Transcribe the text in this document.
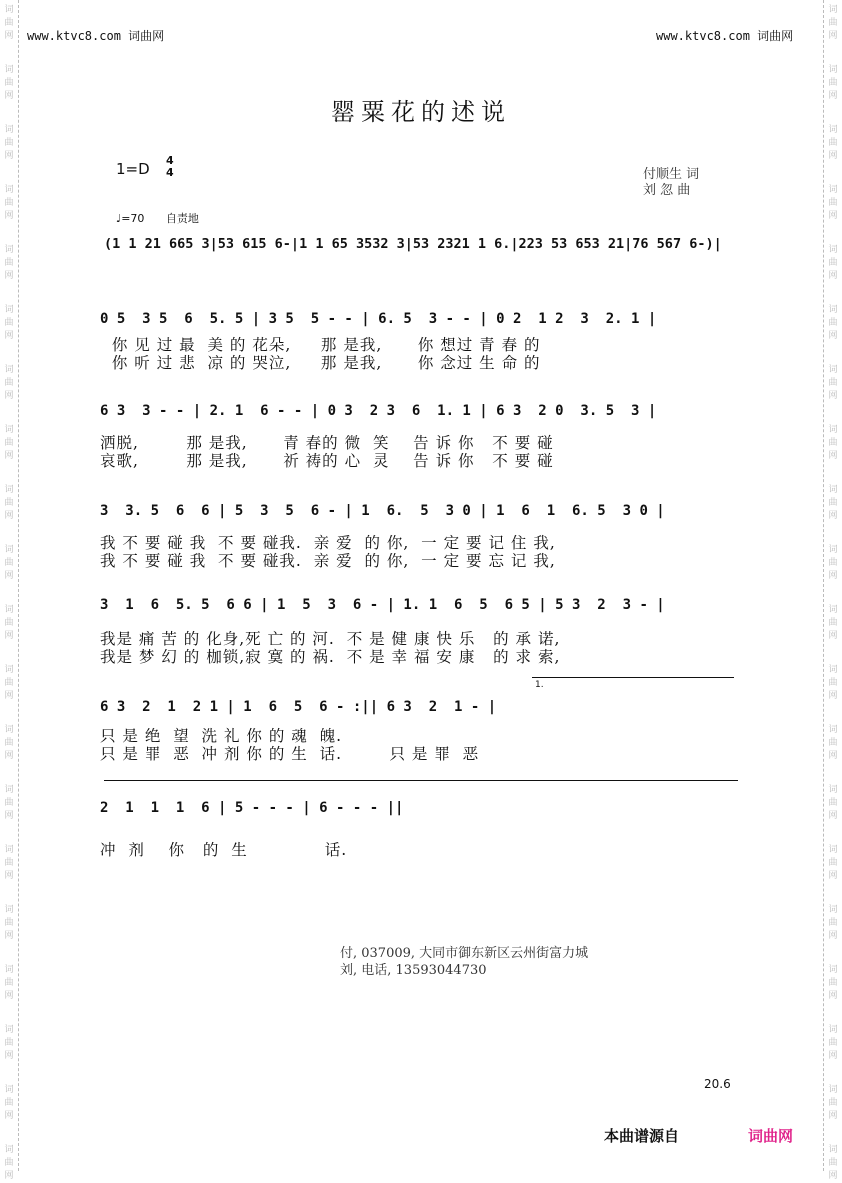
词
曲
网
词
曲
网
词
曲
网
词
曲
网
词
曲
网
词
曲
网
词
曲
网
词
曲
网
词
曲
网
词
曲
网
词
曲
网
词
曲
网
词
曲
网
词
曲
网
词
曲
网
词
曲
网
词
曲
网
词
曲
网
词
曲
网
词
曲
网
词
曲
网
词
曲
网
词
曲
网
词
曲
网
词
曲
网
词
曲
网
词
曲
网
词
曲
网
词
曲
网
词
曲
网
词
曲
网
词
曲
网
词
曲
网
词
曲
网
词
曲
网
词
曲
网
词
曲
网
词
曲
网
词
曲
网
词
曲
网
www.ktvc8.com 词曲网	www.ktvc8.com 词曲网
罂粟花的述说
1=D 4
4	付顺生 词
刘 忽 曲
♩=70 自责地
(1 1 21 665 3|53 615 6-|1 1 65 3532 3|53 2321 1 6.|223 53 653 21|76 567 6-)|
0 5  3 5  6  5. 5 | 3 5  5 - - | 6. 5  3 - - | 0 2  1 2  3  2. 1 |
你 见 过 最  美 的 花朵,     那 是我,      你 想过 青 春 的
你 听 过 悲  凉 的 哭泣,     那 是我,      你 念过 生 命 的
6 3  3 - - | 2. 1  6 - - | 0 3  2 3  6  1. 1 | 6 3  2 0  3. 5  3 |
洒脱,        那 是我,      青 春的 微  笑    告 诉 你   不 要 碰
哀歌,        那 是我,      祈 祷的 心  灵    告 诉 你   不 要 碰
3  3. 5  6  6 | 5  3  5  6 - | 1  6.  5  3 0 | 1  6  1  6. 5  3 0 |
我 不 要 碰 我  不 要 碰我.  亲 爱  的 你,  一 定 要 记 住 我,
我 不 要 碰 我  不 要 碰我.  亲 爱  的 你,  一 定 要 忘 记 我,
3  1  6  5. 5  6 6 | 1  5  3  6 - | 1. 1  6  5  6 5 | 5 3  2  3 - |
我是 痛 苦 的 化身,死 亡 的 河.  不 是 健 康 快 乐   的 承 诺,
我是 梦 幻 的 枷锁,寂 寞 的 祸.  不 是 幸 福 安 康   的 求 索,
1.
6 3  2  1  2 1 | 1  6  5  6 - :|| 6 3  2  1 - |
只 是 绝  望  洗 礼 你 的 魂  魄.
只 是 罪  恶  冲 剂 你 的 生  话.        只 是 罪  恶
2  1  1  1  6 | 5 - - - | 6 - - - ||
冲  剂    你   的  生             话.
付, 037009, 大同市御东新区云州街富力城
刘, 电话, 13593044730
20.6
本曲谱源自	词曲网
